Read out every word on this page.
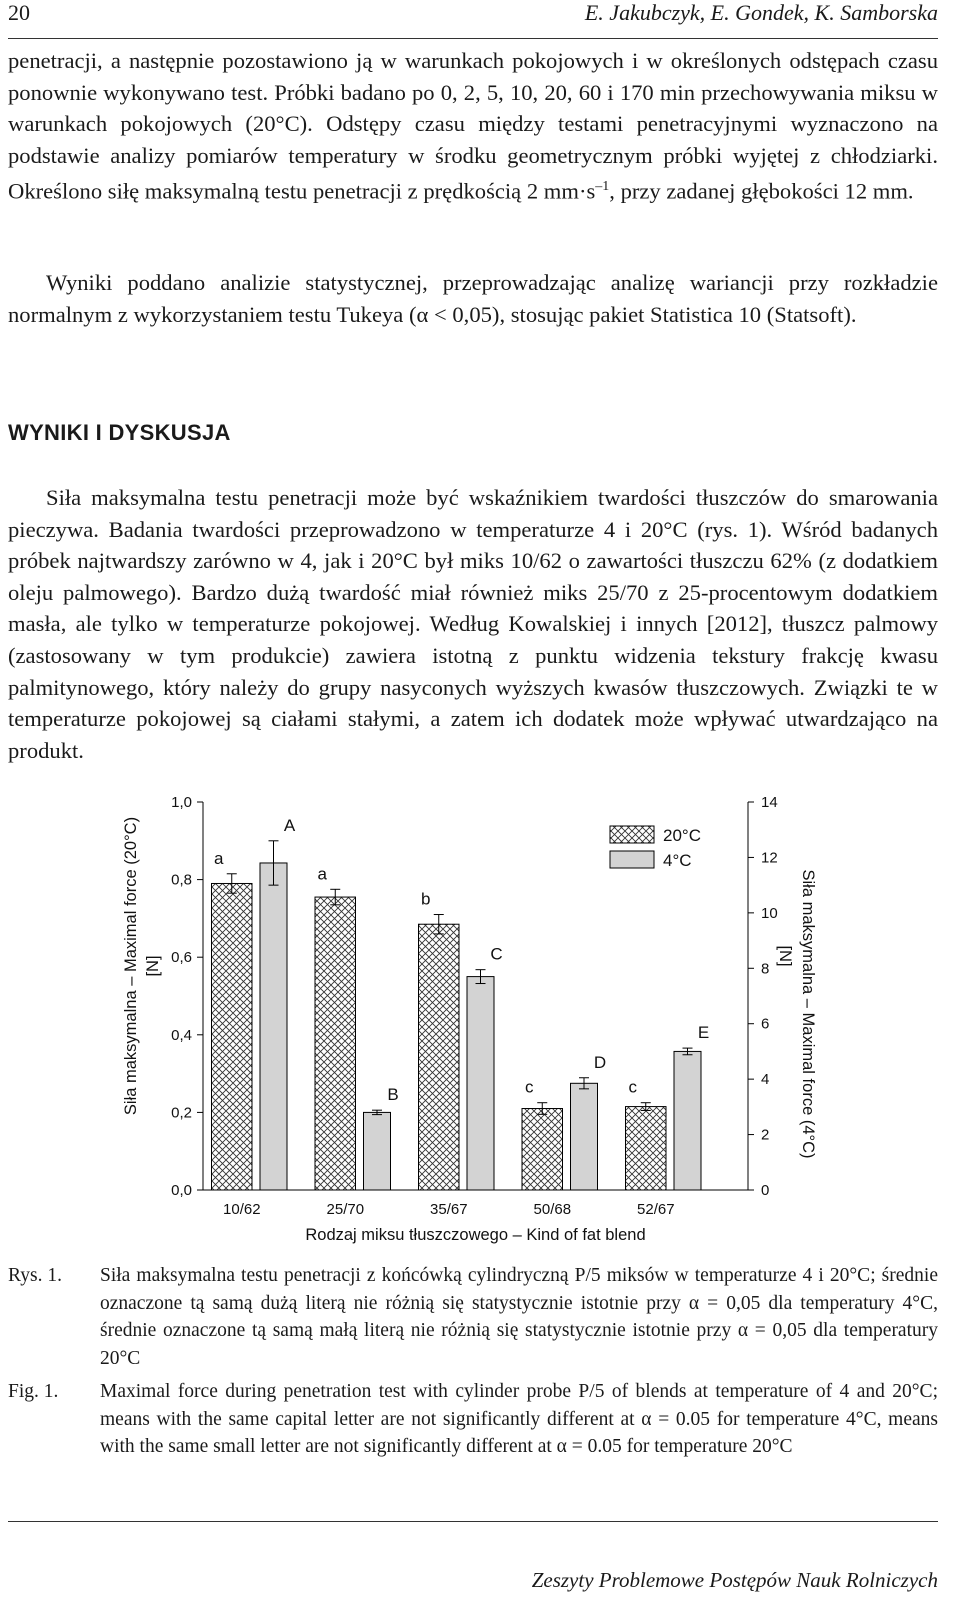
20	E. Jakubczyk, E. Gondek, K. Samborska

penetracji, a następnie pozostawiono ją w warunkach pokojowych i w określonych odstępach czasu ponownie wykonywano test. Próbki badano po 0, 2, 5, 10, 20, 60 i 170 min przechowywania miksu w warunkach pokojowych (20°C). Odstępy czasu między testami penetracyjnymi wyznaczono na podstawie analizy pomiarów temperatury w środku geometrycznym próbki wyjętej z chłodziarki. Określono siłę maksymalną testu penetracji z prędkością 2 $mm\cdot s^{-1}$, przy zadanej głębokości 12 mm.

Wyniki poddano analizie statystycznej, przeprowadzając analizę wariancji przy rozkładzie normalnym z wykorzystaniem testu Tukeya (α < 0,05), stosując pakiet Statistica 10 (Statsoft).

WYNIKI I DYSKUSJA

Siła maksymalna testu penetracji może być wskaźnikiem twardości tłuszczów do smarowania pieczywa. Badania twardości przeprowadzono w temperaturze 4 i 20°C (rys. 1). Wśród badanych próbek najtwardszy zarówno w 4, jak i 20°C był miks 10/62 o zawartości tłuszczu 62% (z dodatkiem oleju palmowego). Bardzo dużą twardość miał również miks 25/70 z 25-procentowym dodatkiem masła, ale tylko w temperaturze pokojowej. Według Kowalskiej i innych [2012], tłuszcz palmowy (zastosowany w tym produkcie) zawiera istotną z punktu widzenia tekstury frakcję kwasu palmitynowego, który należy do grupy nasyconych wyższych kwasów tłuszczowych. Związki te w temperaturze pokojowej są ciałami stałymi, a zatem ich dodatek może wpływać utwardzająco na produkt.

0,0
0,2
0,4
0,6
0,8
1,0
0
2
4
6
8
10
12
14
a
A
10/62
a
B
25/70
b
C
35/67
c
D
50/68
c
E
52/67
Rodzaj miksu tłuszczowego – Kind of fat blend
Siła maksymalna – Maximal force (20°C) [N]	Siła maksymalna – Maximal force (4°C)
[N]
20°C
4°C
Rys. 1. Siła maksymalna testu penetracji z końcówką cylindryczną P/5 miksów w temperaturze 4 i 20°C; średnie oznaczone tą samą dużą literą nie różnią się statystycznie istotnie przy α = 0,05 dla temperatury 4°C, średnie oznaczone tą samą małą literą nie różnią się statystycznie istotnie przy α = 0,05 dla temperatury 20°C
Fig. 1. Maximal force during penetration test with cylinder probe P/5 of blends at temperature of 4 and 20°C; means with the same capital letter are not significantly different at α = 0.05 for temperature 4°C, means with the same small letter are not significantly different at α = 0.05 for temperature 20°C
Zeszyty Problemowe Postępów Nauk Rolniczych
